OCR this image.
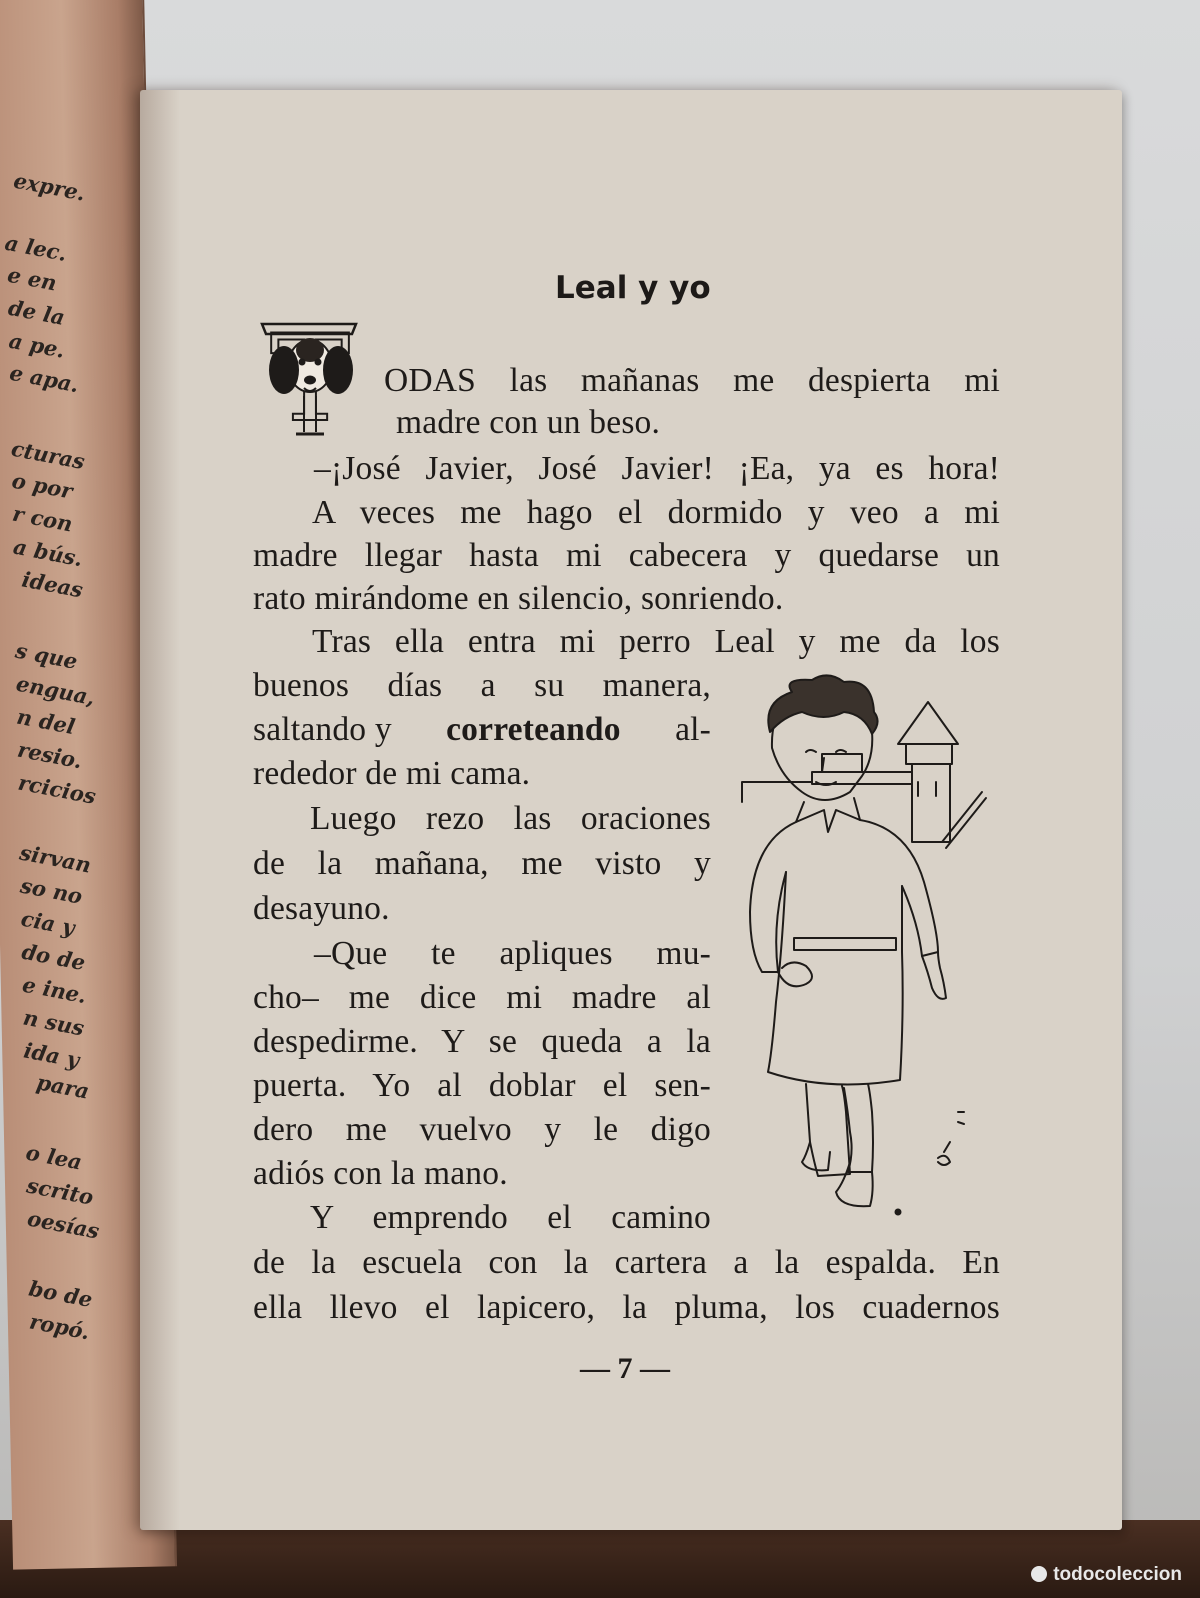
expre.
a lec.
e en
de la
a pe.
e apa.
cturas
o por
r con
a bús.
ideas
s que
engua,
n del
resio.
rcicios
sirvan
so no
cia y
do de
e ine.
n sus
ida y
para
o lea
scrito
oesías
bo de
ropó.
Leal y yo
ODAS las mañanas me despierta mi
madre con un beso.
–¡José Javier, José Javier! ¡Ea, ya es hora!
A veces me hago el dormido y veo a mi
madre llegar hasta mi cabecera y quedarse un
rato mirándome en silencio, sonriendo.
Tras ella entra mi perro Leal y me da los
buenos días a su manera,
saltando y correteando al-
rededor de mi cama.
Luego rezo las oraciones
de la mañana, me visto y
desayuno.
–Que te apliques mu-
cho– me dice mi madre al
despedirme. Y se queda a la
puerta. Yo al doblar el sen-
dero me vuelvo y le digo
adiós con la mano.
Y emprendo el camino
de la escuela con la cartera a la espalda. En
ella llevo el lapicero, la pluma, los cuadernos
— 7 —
todocoleccion
